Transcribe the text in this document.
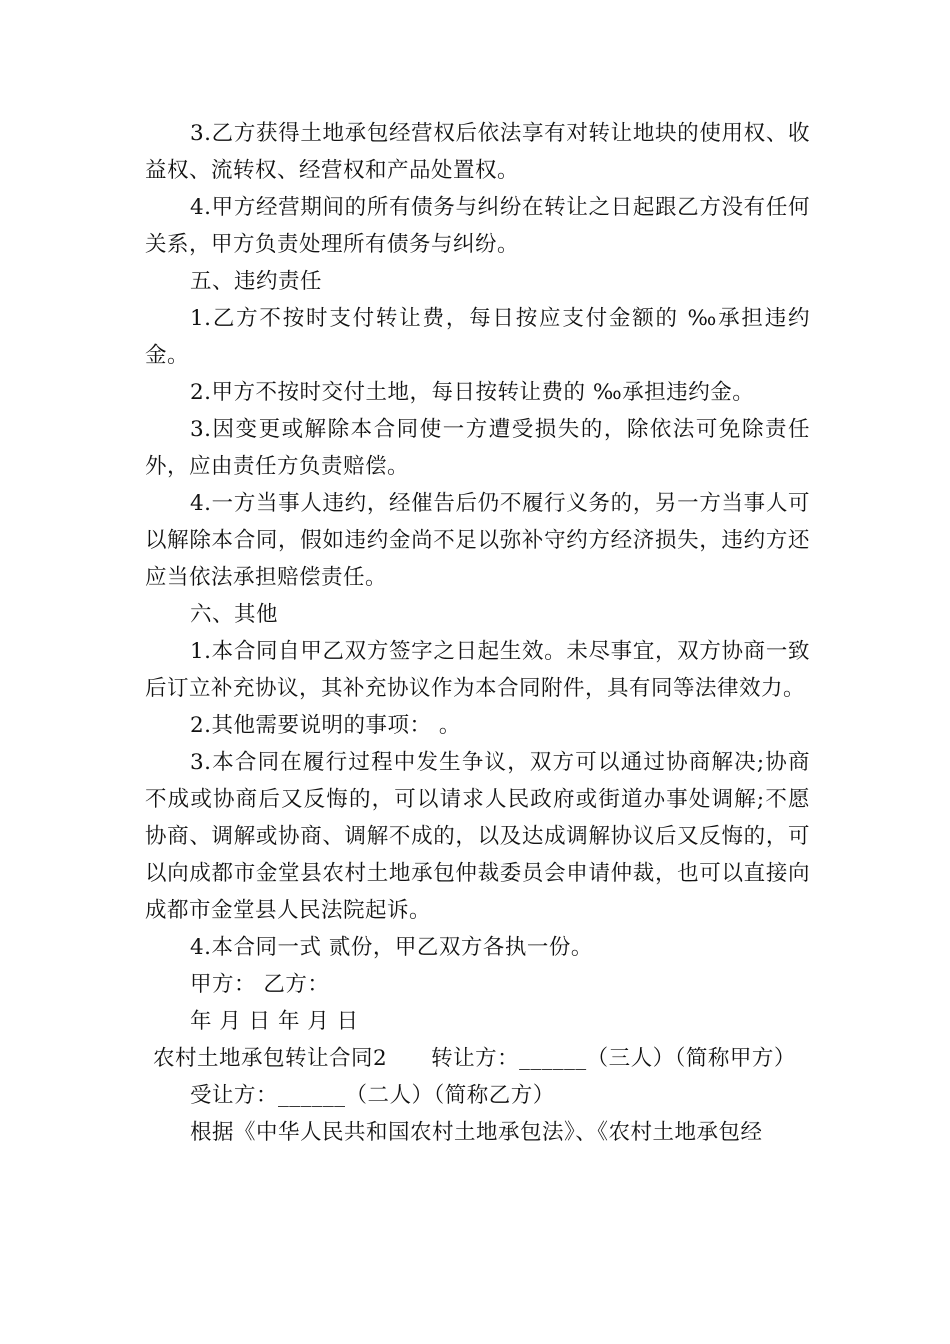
3.乙方获得土地承包经营权后依法享有对转让地块的使用权、收益权、流转权、经营权和产品处置权。

4.甲方经营期间的所有债务与纠纷在转让之日起跟乙方没有任何关系，甲方负责处理所有债务与纠纷。

五、违约责任

1.乙方不按时支付转让费，每日按应支付金额的 ‰承担违约金。

2.甲方不按时交付土地，每日按转让费的 ‰承担违约金。

3.因变更或解除本合同使一方遭受损失的，除依法可免除责任外，应由责任方负责赔偿。

4.一方当事人违约，经催告后仍不履行义务的，另一方当事人可以解除本合同，假如违约金尚不足以弥补守约方经济损失，违约方还应当依法承担赔偿责任。

六、其他

1.本合同自甲乙双方签字之日起生效。未尽事宜，双方协商一致后订立补充协议，其补充协议作为本合同附件，具有同等法律效力。

2.其他需要说明的事项： 。

3.本合同在履行过程中发生争议，双方可以通过协商解决;协商不成或协商后又反悔的，可以请求人民政府或街道办事处调解;不愿协商、调解或协商、调解不成的，以及达成调解协议后又反悔的，可以向成都市金堂县农村土地承包仲裁委员会申请仲裁，也可以直接向成都市金堂县人民法院起诉。

4.本合同一式 贰份，甲乙双方各执一份。

甲方： 乙方：

年 月 日 年 月 日

农村土地承包转让合同2　　转让方：______（三人）（简称甲方）

受让方：______（二人）（简称乙方）

根据《中华人民共和国农村土地承包法》、《农村土地承包经
